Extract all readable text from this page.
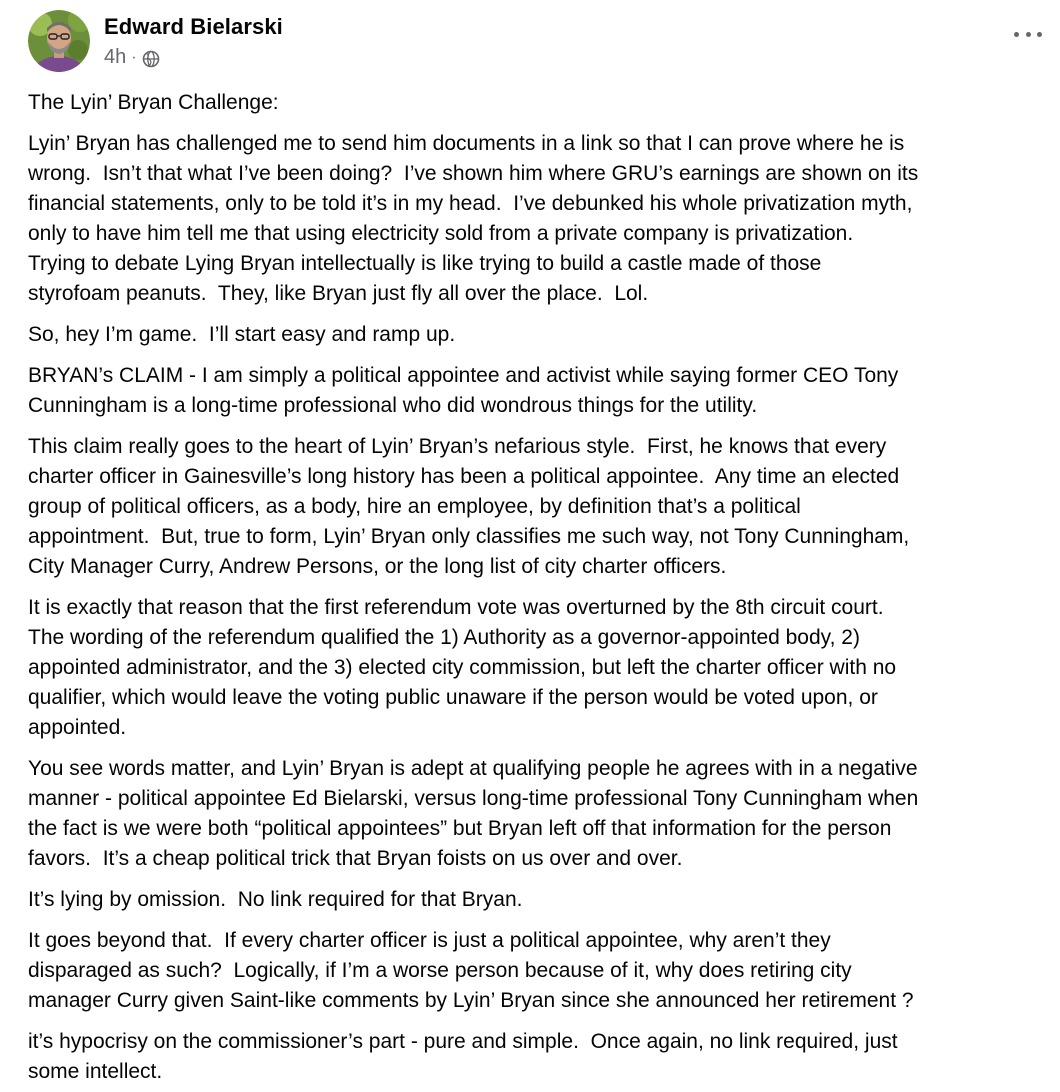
Edward Bielarski
4h ·

The Lyin’ Bryan Challenge:

Lyin’ Bryan has challenged me to send him documents in a link so that I can prove where he is
wrong.  Isn’t that what I’ve been doing?  I’ve shown him where GRU’s earnings are shown on its
financial statements, only to be told it’s in my head.  I’ve debunked his whole privatization myth,
only to have him tell me that using electricity sold from a private company is privatization.
Trying to debate Lying Bryan intellectually is like trying to build a castle made of those
styrofoam peanuts.  They, like Bryan just fly all over the place.  Lol.

So, hey I’m game.  I’ll start easy and ramp up.

BRYAN’s CLAIM - I am simply a political appointee and activist while saying former CEO Tony
Cunningham is a long-time professional who did wondrous things for the utility.

This claim really goes to the heart of Lyin’ Bryan’s nefarious style.  First, he knows that every
charter officer in Gainesville’s long history has been a political appointee.  Any time an elected
group of political officers, as a body, hire an employee, by definition that’s a political
appointment.  But, true to form, Lyin’ Bryan only classifies me such way, not Tony Cunningham,
City Manager Curry, Andrew Persons, or the long list of city charter officers.

It is exactly that reason that the first referendum vote was overturned by the 8th circuit court.
The wording of the referendum qualified the 1) Authority as a governor-appointed body, 2)
appointed administrator, and the 3) elected city commission, but left the charter officer with no
qualifier, which would leave the voting public unaware if the person would be voted upon, or
appointed.

You see words matter, and Lyin’ Bryan is adept at qualifying people he agrees with in a negative
manner - political appointee Ed Bielarski, versus long-time professional Tony Cunningham when
the fact is we were both “political appointees” but Bryan left off that information for the person
favors.  It’s a cheap political trick that Bryan foists on us over and over.

It’s lying by omission.  No link required for that Bryan.

It goes beyond that.  If every charter officer is just a political appointee, why aren’t they
disparaged as such?  Logically, if I’m a worse person because of it, why does retiring city
manager Curry given Saint-like comments by Lyin’ Bryan since she announced her retirement ?

it’s hypocrisy on the commissioner’s part - pure and simple.  Once again, no link required, just
some intellect.
